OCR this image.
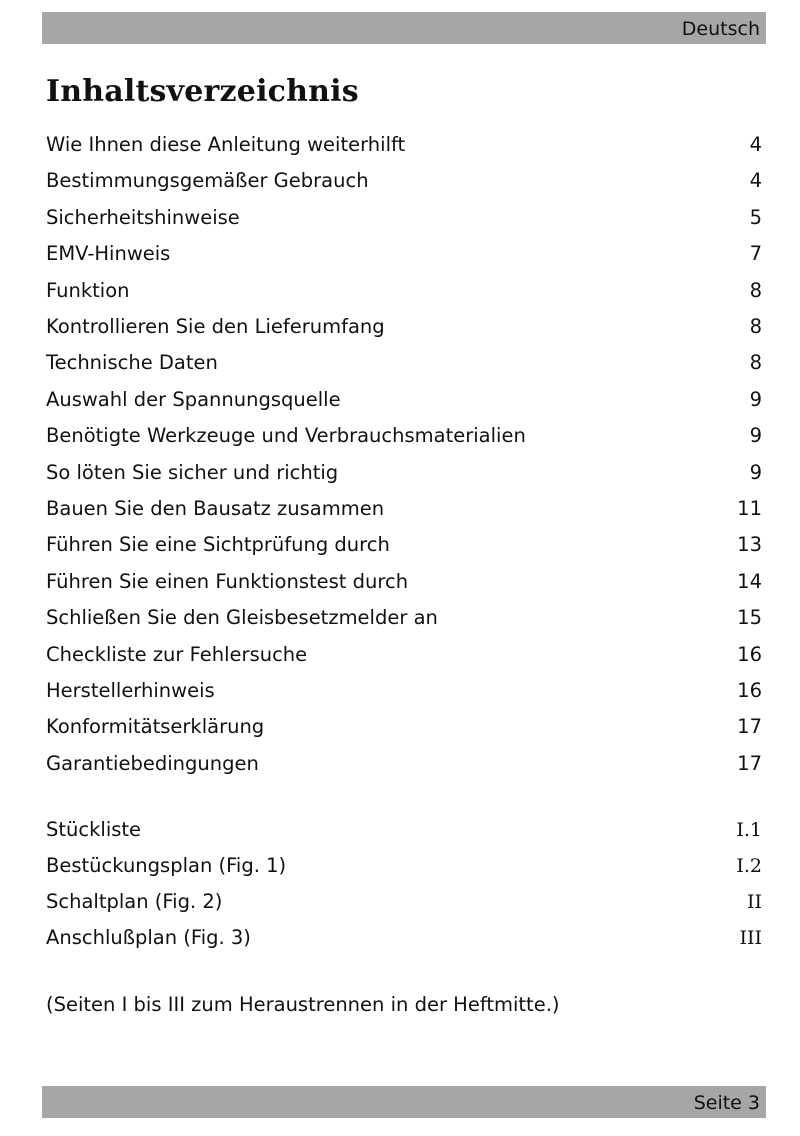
Deutsch
Inhaltsverzeichnis
Wie Ihnen diese Anleitung weiterhilft	4
Bestimmungsgemäßer Gebrauch	4
Sicherheitshinweise	5
EMV-Hinweis	7
Funktion	8
Kontrollieren Sie den Lieferumfang	8
Technische Daten	8
Auswahl der Spannungsquelle	9
Benötigte Werkzeuge und Verbrauchsmaterialien	9
So löten Sie sicher und richtig	9
Bauen Sie den Bausatz zusammen	11
Führen Sie eine Sichtprüfung durch	13
Führen Sie einen Funktionstest durch	14
Schließen Sie den Gleisbesetzmelder an	15
Checkliste zur Fehlersuche	16
Herstellerhinweis	16
Konformitätserklärung	17
Garantiebedingungen	17
Stückliste	I.1
Bestückungsplan (Fig. 1)	I.2
Schaltplan (Fig. 2)	II
Anschlußplan (Fig. 3)	III
(Seiten I bis III zum Heraustrennen in der Heftmitte.)
Seite 3
